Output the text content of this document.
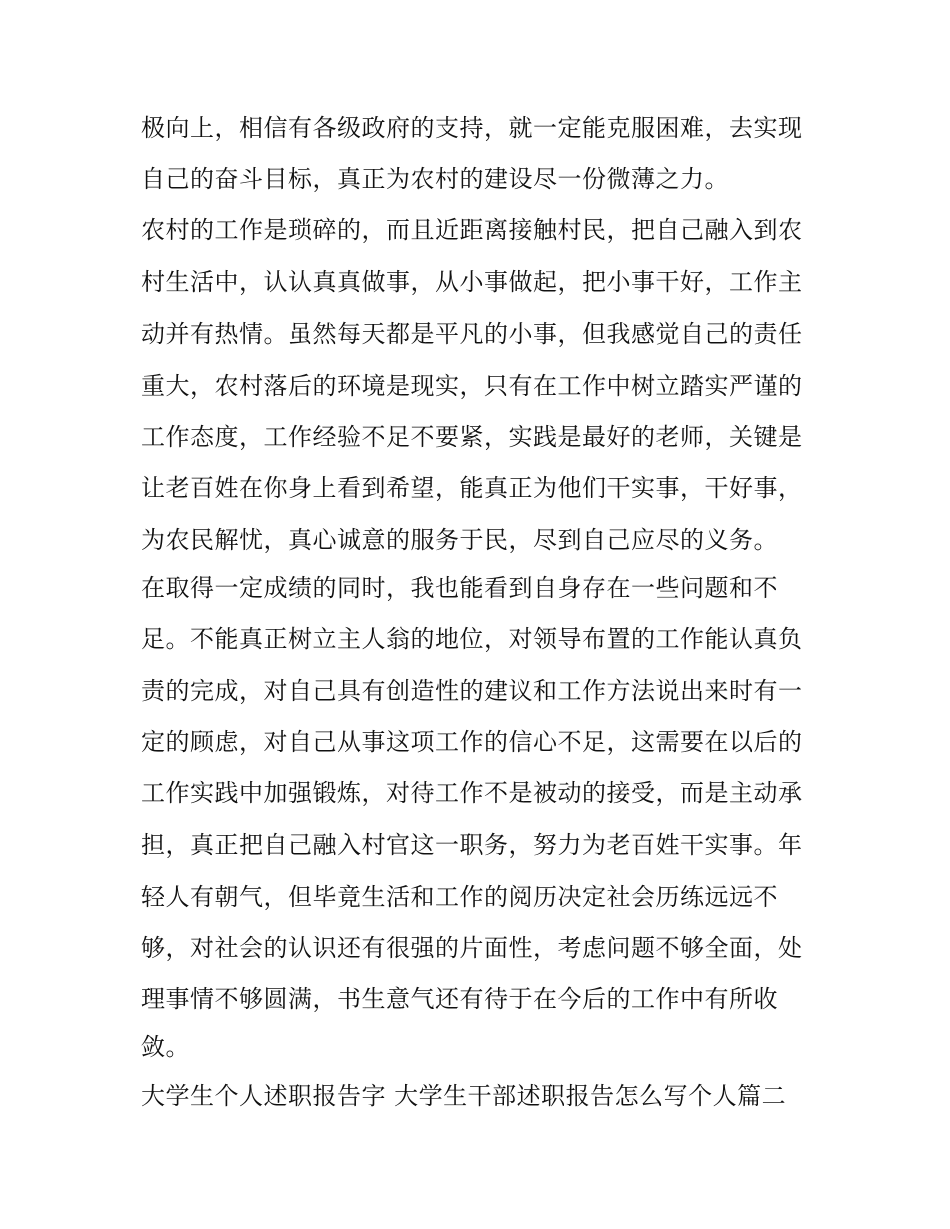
极向上，相信有各级政府的支持，就一定能克服困难，去实现
自己的奋斗目标，真正为农村的建设尽一份微薄之力。
农村的工作是琐碎的，而且近距离接触村民，把自己融入到农
村生活中，认认真真做事，从小事做起，把小事干好，工作主
动并有热情。虽然每天都是平凡的小事，但我感觉自己的责任
重大，农村落后的环境是现实，只有在工作中树立踏实严谨的
工作态度，工作经验不足不要紧，实践是最好的老师，关键是
让老百姓在你身上看到希望，能真正为他们干实事，干好事，
为农民解忧，真心诚意的服务于民，尽到自己应尽的义务。
在取得一定成绩的同时，我也能看到自身存在一些问题和不
足。不能真正树立主人翁的地位，对领导布置的工作能认真负
责的完成，对自己具有创造性的建议和工作方法说出来时有一
定的顾虑，对自己从事这项工作的信心不足，这需要在以后的
工作实践中加强锻炼，对待工作不是被动的接受，而是主动承
担，真正把自己融入村官这一职务，努力为老百姓干实事。年
轻人有朝气，但毕竟生活和工作的阅历决定社会历练远远不
够，对社会的认识还有很强的片面性，考虑问题不够全面，处
理事情不够圆满，书生意气还有待于在今后的工作中有所收
敛。
大学生个人述职报告字 大学生干部述职报告怎么写个人篇二
